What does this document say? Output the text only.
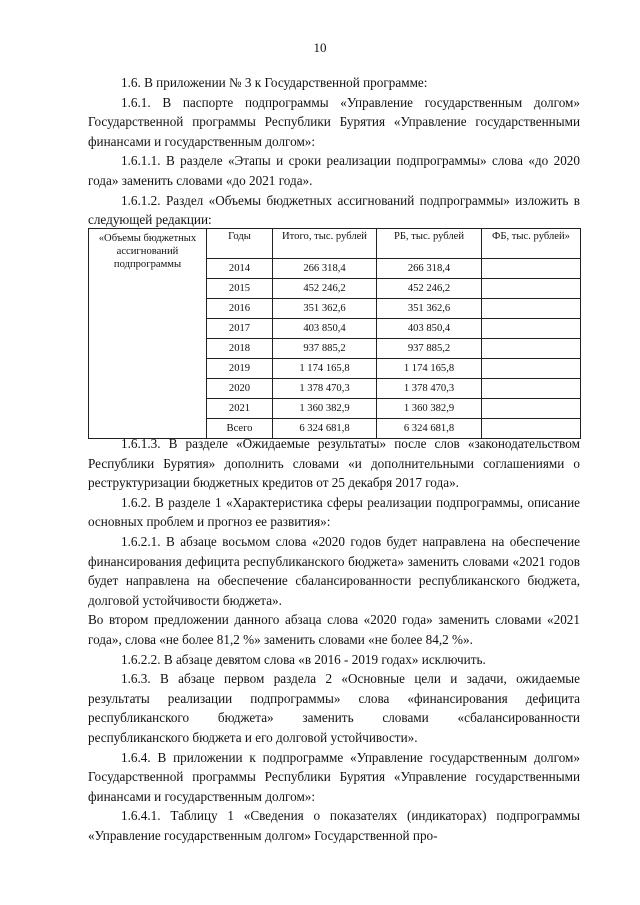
10

1.6. В приложении № 3 к Государственной программе:

1.6.1. В паспорте подпрограммы «Управление государственным долгом» Государственной программы Республики Бурятия «Управление государственными финансами и государственным долгом»:

1.6.1.1. В разделе «Этапы и сроки реализации подпрограммы» слова «до 2020 года» заменить словами «до 2021 года».

1.6.1.2. Раздел «Объемы бюджетных ассигнований подпрограммы» изложить в следующей редакции:

«Объемы бюджетных ассигнований подпрограммы	Годы	Итого, тыс. рублей	РБ, тыс. рублей	ФБ, тыс. рублей»
	2014	266 318,4	266 318,4	
	2015	452 246,2	452 246,2	
	2016	351 362,6	351 362,6	
	2017	403 850,4	403 850,4	
	2018	937 885,2	937 885,2	
	2019	1 174 165,8	1 174 165,8	
	2020	1 378 470,3	1 378 470,3	
	2021	1 360 382,9	1 360 382,9	
	Всего	6 324 681,8	6 324 681,8	

1.6.1.3. В разделе «Ожидаемые результаты» после слов «законодательством Республики Бурятия» дополнить словами «и дополнительными соглашениями о реструктуризации бюджетных кредитов от 25 декабря 2017 года».

1.6.2. В разделе 1 «Характеристика сферы реализации подпрограммы, описание основных проблем и прогноз ее развития»:

1.6.2.1. В абзаце восьмом слова «2020 годов будет направлена на обеспечение финансирования дефицита республиканского бюджета» заменить словами «2021 годов будет направлена на обеспечение сбалансированности республиканского бюджета, долговой устойчивости бюджета».

Во втором предложении данного абзаца слова «2020 года» заменить словами «2021 года», слова «не более 81,2 %» заменить словами «не более 84,2 %».

1.6.2.2. В абзаце девятом слова «в 2016 - 2019 годах» исключить.

1.6.3. В абзаце первом раздела 2 «Основные цели и задачи, ожидаемые результаты реализации подпрограммы» слова «финансирования дефицита республиканского бюджета» заменить словами «сбалансированности республиканского бюджета и его долговой устойчивости».

1.6.4. В приложении к подпрограмме «Управление государственным долгом» Государственной программы Республики Бурятия «Управление государственными финансами и государственным долгом»:

1.6.4.1. Таблицу 1 «Сведения о показателях (индикаторах) подпрограммы «Управление государственным долгом» Государственной про-
